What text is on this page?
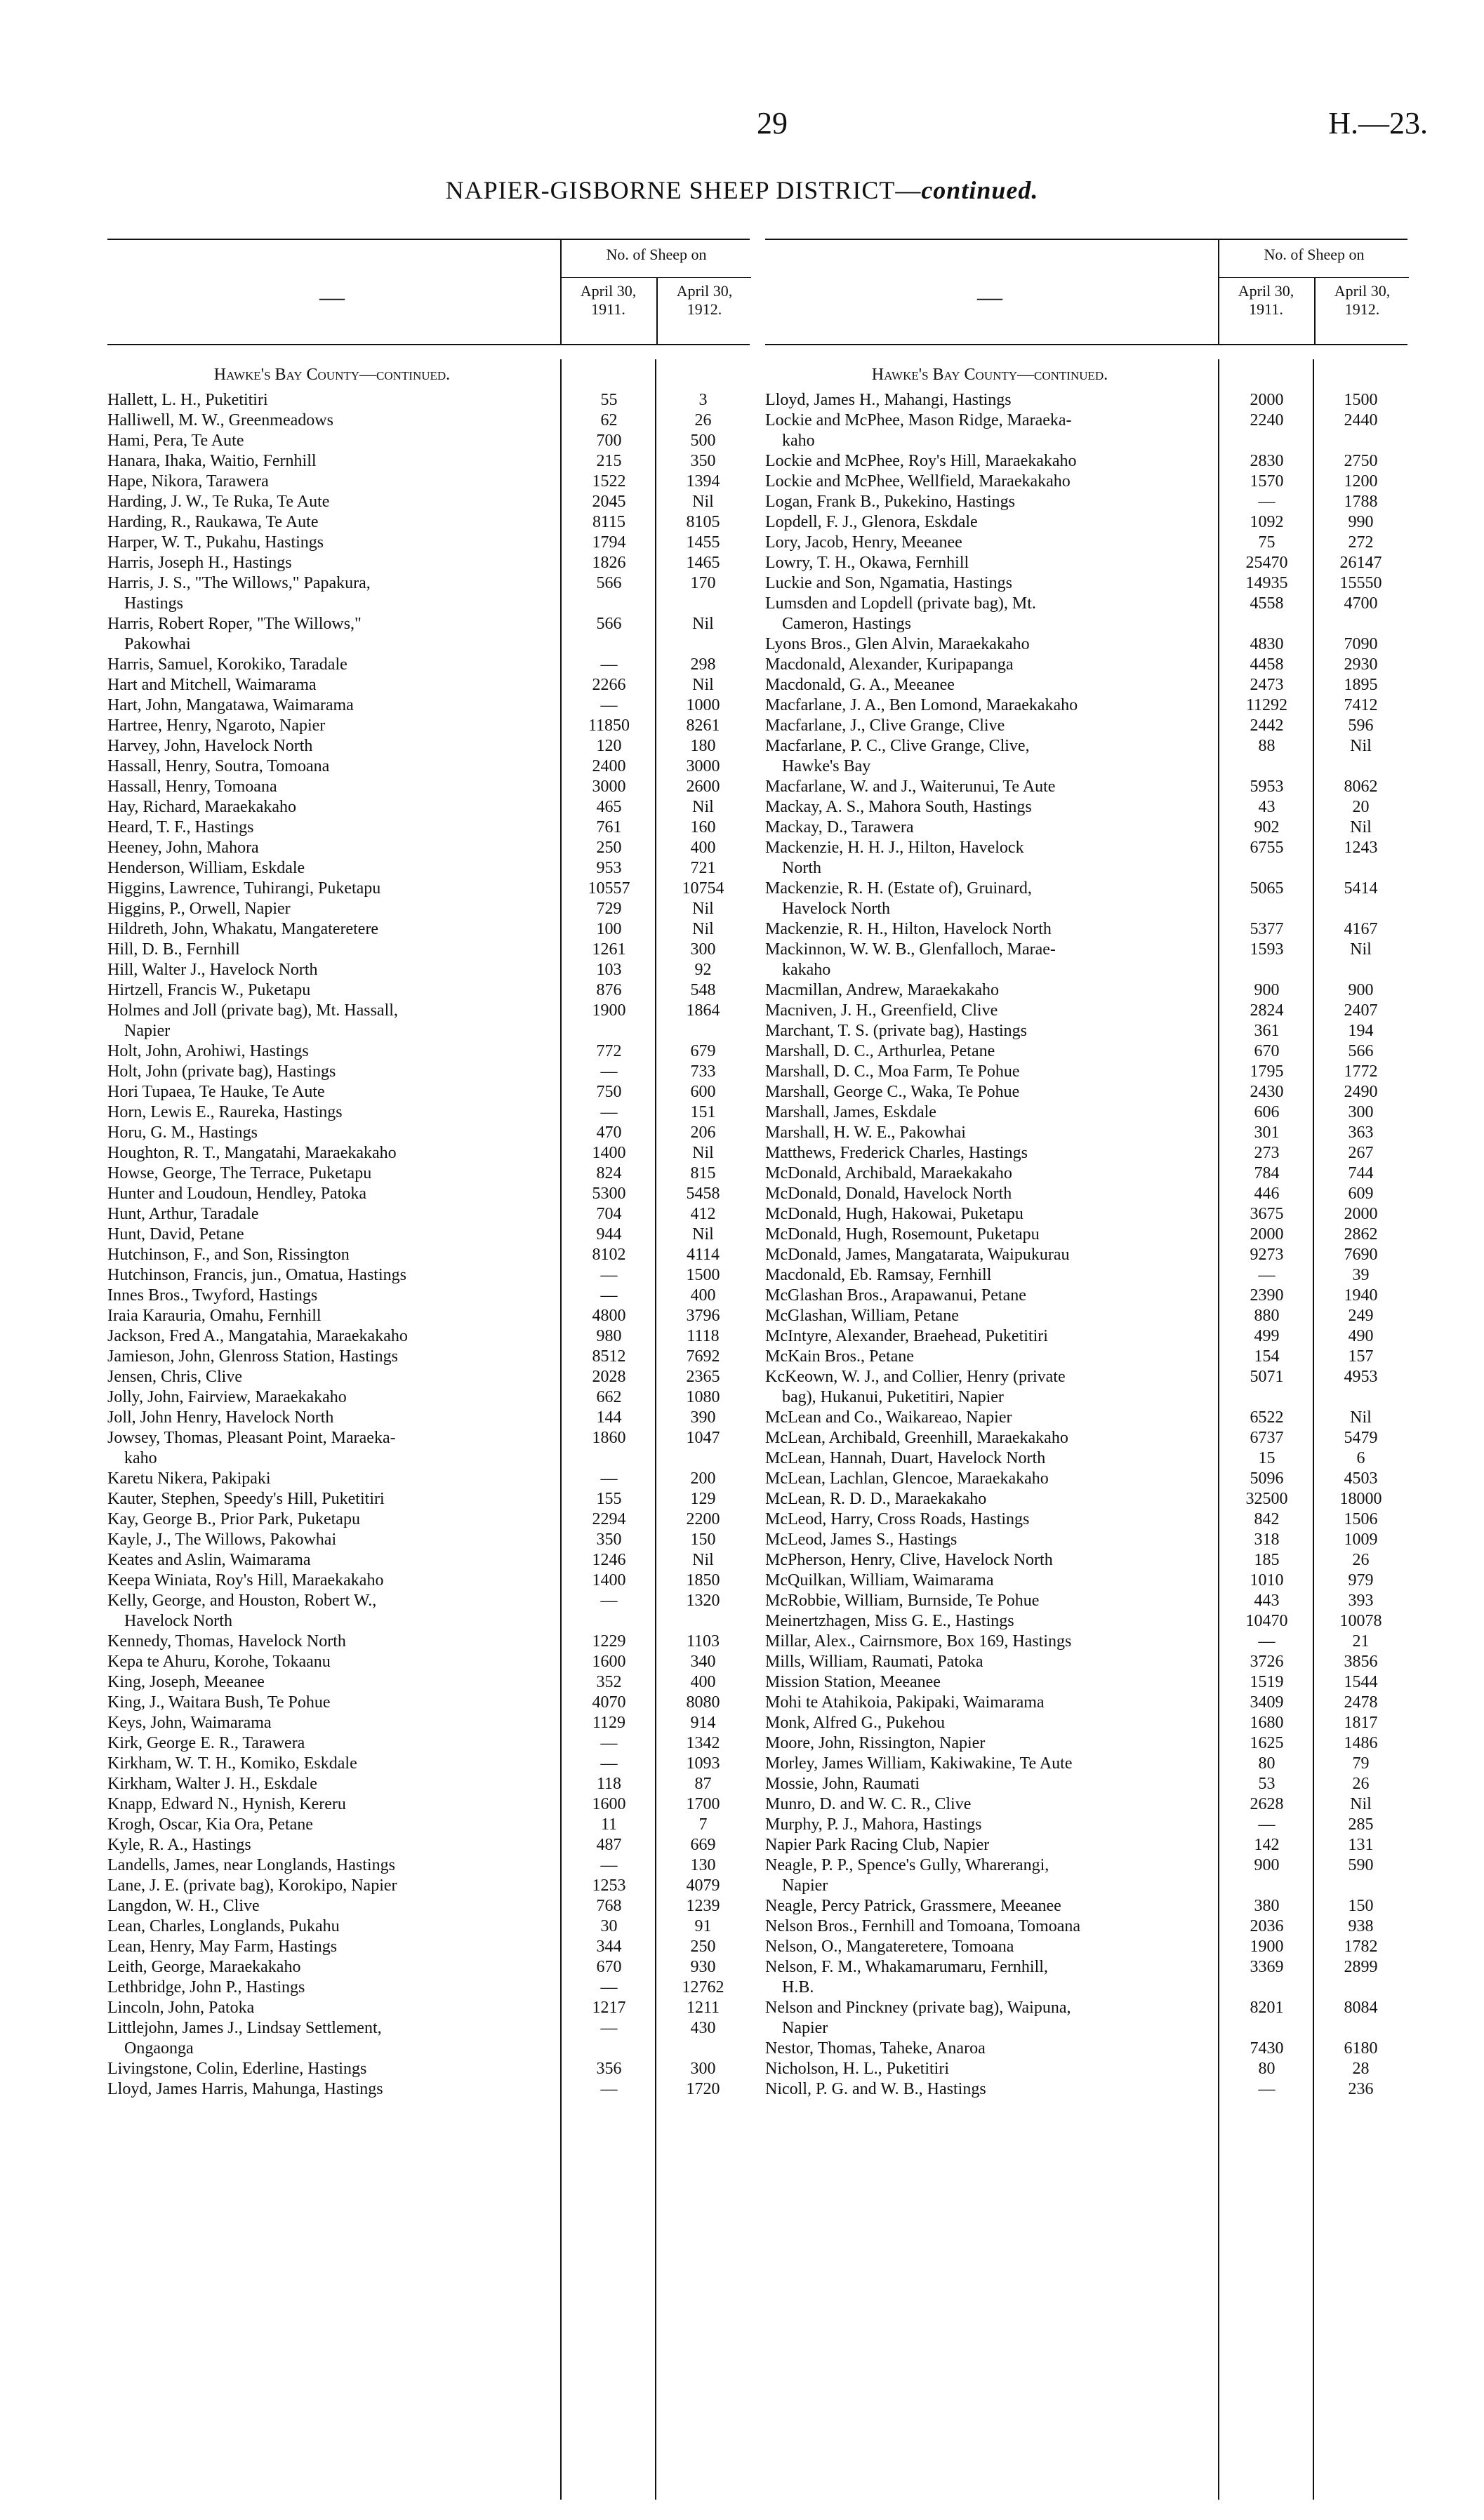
29	H.—23.
NAPIER-GISBORNE SHEEP DISTRICT—continued.
—
No. of Sheep on
April 30, 1911.
April 30, 1912.
Hawke's Bay County—continued.
Hallett, L. H., Puketitiri	55	3
Halliwell, M. W., Greenmeadows	62	26
Hami, Pera, Te Aute	700	500
Hanara, Ihaka, Waitio, Fernhill	215	350
Hape, Nikora, Tarawera	1522	1394
Harding, J. W., Te Ruka, Te Aute	2045	Nil
Harding, R., Raukawa, Te Aute	8115	8105
Harper, W. T., Pukahu, Hastings	1794	1455
Harris, Joseph H., Hastings	1826	1465
Harris, J. S., "The Willows," Papakura,
Hastings
566	170
Harris, Robert Roper, "The Willows,"
Pakowhai
566	Nil
Harris, Samuel, Korokiko, Taradale	—	298
Hart and Mitchell, Waimarama	2266	Nil
Hart, John, Mangatawa, Waimarama	—	1000
Hartree, Henry, Ngaroto, Napier	11850	8261
Harvey, John, Havelock North	120	180
Hassall, Henry, Soutra, Tomoana	2400	3000
Hassall, Henry, Tomoana	3000	2600
Hay, Richard, Maraekakaho	465	Nil
Heard, T. F., Hastings	761	160
Heeney, John, Mahora	250	400
Henderson, William, Eskdale	953	721
Higgins, Lawrence, Tuhirangi, Puketapu	10557	10754
Higgins, P., Orwell, Napier	729	Nil
Hildreth, John, Whakatu, Mangateretere	100	Nil
Hill, D. B., Fernhill	1261	300
Hill, Walter J., Havelock North	103	92
Hirtzell, Francis W., Puketapu	876	548
Holmes and Joll (private bag), Mt. Hassall,
Napier
1900	1864
Holt, John, Arohiwi, Hastings	772	679
Holt, John (private bag), Hastings	—	733
Hori Tupaea, Te Hauke, Te Aute	750	600
Horn, Lewis E., Raureka, Hastings	—	151
Horu, G. M., Hastings	470	206
Houghton, R. T., Mangatahi, Maraekakaho	1400	Nil
Howse, George, The Terrace, Puketapu	824	815
Hunter and Loudoun, Hendley, Patoka	5300	5458
Hunt, Arthur, Taradale	704	412
Hunt, David, Petane	944	Nil
Hutchinson, F., and Son, Rissington	8102	4114
Hutchinson, Francis, jun., Omatua, Hastings	—	1500
Innes Bros., Twyford, Hastings	—	400
Iraia Karauria, Omahu, Fernhill	4800	3796
Jackson, Fred A., Mangatahia, Maraekakaho	980	1118
Jamieson, John, Glenross Station, Hastings	8512	7692
Jensen, Chris, Clive	2028	2365
Jolly, John, Fairview, Maraekakaho	662	1080
Joll, John Henry, Havelock North	144	390
Jowsey, Thomas, Pleasant Point, Maraeka-
kaho
1860	1047
Karetu Nikera, Pakipaki	—	200
Kauter, Stephen, Speedy's Hill, Puketitiri	155	129
Kay, George B., Prior Park, Puketapu	2294	2200
Kayle, J., The Willows, Pakowhai	350	150
Keates and Aslin, Waimarama	1246	Nil
Keepa Winiata, Roy's Hill, Maraekakaho	1400	1850
Kelly, George, and Houston, Robert W.,
Havelock North
—	1320
Kennedy, Thomas, Havelock North	1229	1103
Kepa te Ahuru, Korohe, Tokaanu	1600	340
King, Joseph, Meeanee	352	400
King, J., Waitara Bush, Te Pohue	4070	8080
Keys, John, Waimarama	1129	914
Kirk, George E. R., Tarawera	—	1342
Kirkham, W. T. H., Komiko, Eskdale	—	1093
Kirkham, Walter J. H., Eskdale	118	87
Knapp, Edward N., Hynish, Kereru	1600	1700
Krogh, Oscar, Kia Ora, Petane	11	7
Kyle, R. A., Hastings	487	669
Landells, James, near Longlands, Hastings	—	130
Lane, J. E. (private bag), Korokipo, Napier	1253	4079
Langdon, W. H., Clive	768	1239
Lean, Charles, Longlands, Pukahu	30	91
Lean, Henry, May Farm, Hastings	344	250
Leith, George, Maraekakaho	670	930
Lethbridge, John P., Hastings	—	12762
Lincoln, John, Patoka	1217	1211
Littlejohn, James J., Lindsay Settlement,
Ongaonga
—	430
Livingstone, Colin, Ederline, Hastings	356	300
Lloyd, James Harris, Mahunga, Hastings	—	1720
—
No. of Sheep on
April 30, 1911.
April 30, 1912.
Hawke's Bay County—continued.
Lloyd, James H., Mahangi, Hastings	2000	1500
Lockie and McPhee, Mason Ridge, Maraeka-
kaho
2240	2440
Lockie and McPhee, Roy's Hill, Maraekakaho	2830	2750
Lockie and McPhee, Wellfield, Maraekakaho	1570	1200
Logan, Frank B., Pukekino, Hastings	—	1788
Lopdell, F. J., Glenora, Eskdale	1092	990
Lory, Jacob, Henry, Meeanee	75	272
Lowry, T. H., Okawa, Fernhill	25470	26147
Luckie and Son, Ngamatia, Hastings	14935	15550
Lumsden and Lopdell (private bag), Mt.
Cameron, Hastings
4558	4700
Lyons Bros., Glen Alvin, Maraekakaho	4830	7090
Macdonald, Alexander, Kuripapanga	4458	2930
Macdonald, G. A., Meeanee	2473	1895
Macfarlane, J. A., Ben Lomond, Maraekakaho	11292	7412
Macfarlane, J., Clive Grange, Clive	2442	596
Macfarlane, P. C., Clive Grange, Clive,
Hawke's Bay
88	Nil
Macfarlane, W. and J., Waiterunui, Te Aute	5953	8062
Mackay, A. S., Mahora South, Hastings	43	20
Mackay, D., Tarawera	902	Nil
Mackenzie, H. H. J., Hilton, Havelock
North
6755	1243
Mackenzie, R. H. (Estate of), Gruinard,
Havelock North
5065	5414
Mackenzie, R. H., Hilton, Havelock North	5377	4167
Mackinnon, W. W. B., Glenfalloch, Marae-
kakaho
1593	Nil
Macmillan, Andrew, Maraekakaho	900	900
Macniven, J. H., Greenfield, Clive	2824	2407
Marchant, T. S. (private bag), Hastings	361	194
Marshall, D. C., Arthurlea, Petane	670	566
Marshall, D. C., Moa Farm, Te Pohue	1795	1772
Marshall, George C., Waka, Te Pohue	2430	2490
Marshall, James, Eskdale	606	300
Marshall, H. W. E., Pakowhai	301	363
Matthews, Frederick Charles, Hastings	273	267
McDonald, Archibald, Maraekakaho	784	744
McDonald, Donald, Havelock North	446	609
McDonald, Hugh, Hakowai, Puketapu	3675	2000
McDonald, Hugh, Rosemount, Puketapu	2000	2862
McDonald, James, Mangatarata, Waipukurau	9273	7690
Macdonald, Eb. Ramsay, Fernhill	—	39
McGlashan Bros., Arapawanui, Petane	2390	1940
McGlashan, William, Petane	880	249
McIntyre, Alexander, Braehead, Puketitiri	499	490
McKain Bros., Petane	154	157
KcKeown, W. J., and Collier, Henry (private
bag), Hukanui, Puketitiri, Napier
5071	4953
McLean and Co., Waikareao, Napier	6522	Nil
McLean, Archibald, Greenhill, Maraekakaho	6737	5479
McLean, Hannah, Duart, Havelock North	15	6
McLean, Lachlan, Glencoe, Maraekakaho	5096	4503
McLean, R. D. D., Maraekakaho	32500	18000
McLeod, Harry, Cross Roads, Hastings	842	1506
McLeod, James S., Hastings	318	1009
McPherson, Henry, Clive, Havelock North	185	26
McQuilkan, William, Waimarama	1010	979
McRobbie, William, Burnside, Te Pohue	443	393
Meinertzhagen, Miss G. E., Hastings	10470	10078
Millar, Alex., Cairnsmore, Box 169, Hastings	—	21
Mills, William, Raumati, Patoka	3726	3856
Mission Station, Meeanee	1519	1544
Mohi te Atahikoia, Pakipaki, Waimarama	3409	2478
Monk, Alfred G., Pukehou	1680	1817
Moore, John, Rissington, Napier	1625	1486
Morley, James William, Kakiwakine, Te Aute	80	79
Mossie, John, Raumati	53	26
Munro, D. and W. C. R., Clive	2628	Nil
Murphy, P. J., Mahora, Hastings	—	285
Napier Park Racing Club, Napier	142	131
Neagle, P. P., Spence's Gully, Wharerangi,
Napier
900	590
Neagle, Percy Patrick, Grassmere, Meeanee	380	150
Nelson Bros., Fernhill and Tomoana, Tomoana	2036	938
Nelson, O., Mangateretere, Tomoana	1900	1782
Nelson, F. M., Whakamarumaru, Fernhill,
H.B.
3369	2899
Nelson and Pinckney (private bag), Waipuna,
Napier
8201	8084
Nestor, Thomas, Taheke, Anaroa	7430	6180
Nicholson, H. L., Puketitiri	80	28
Nicoll, P. G. and W. B., Hastings	—	236
